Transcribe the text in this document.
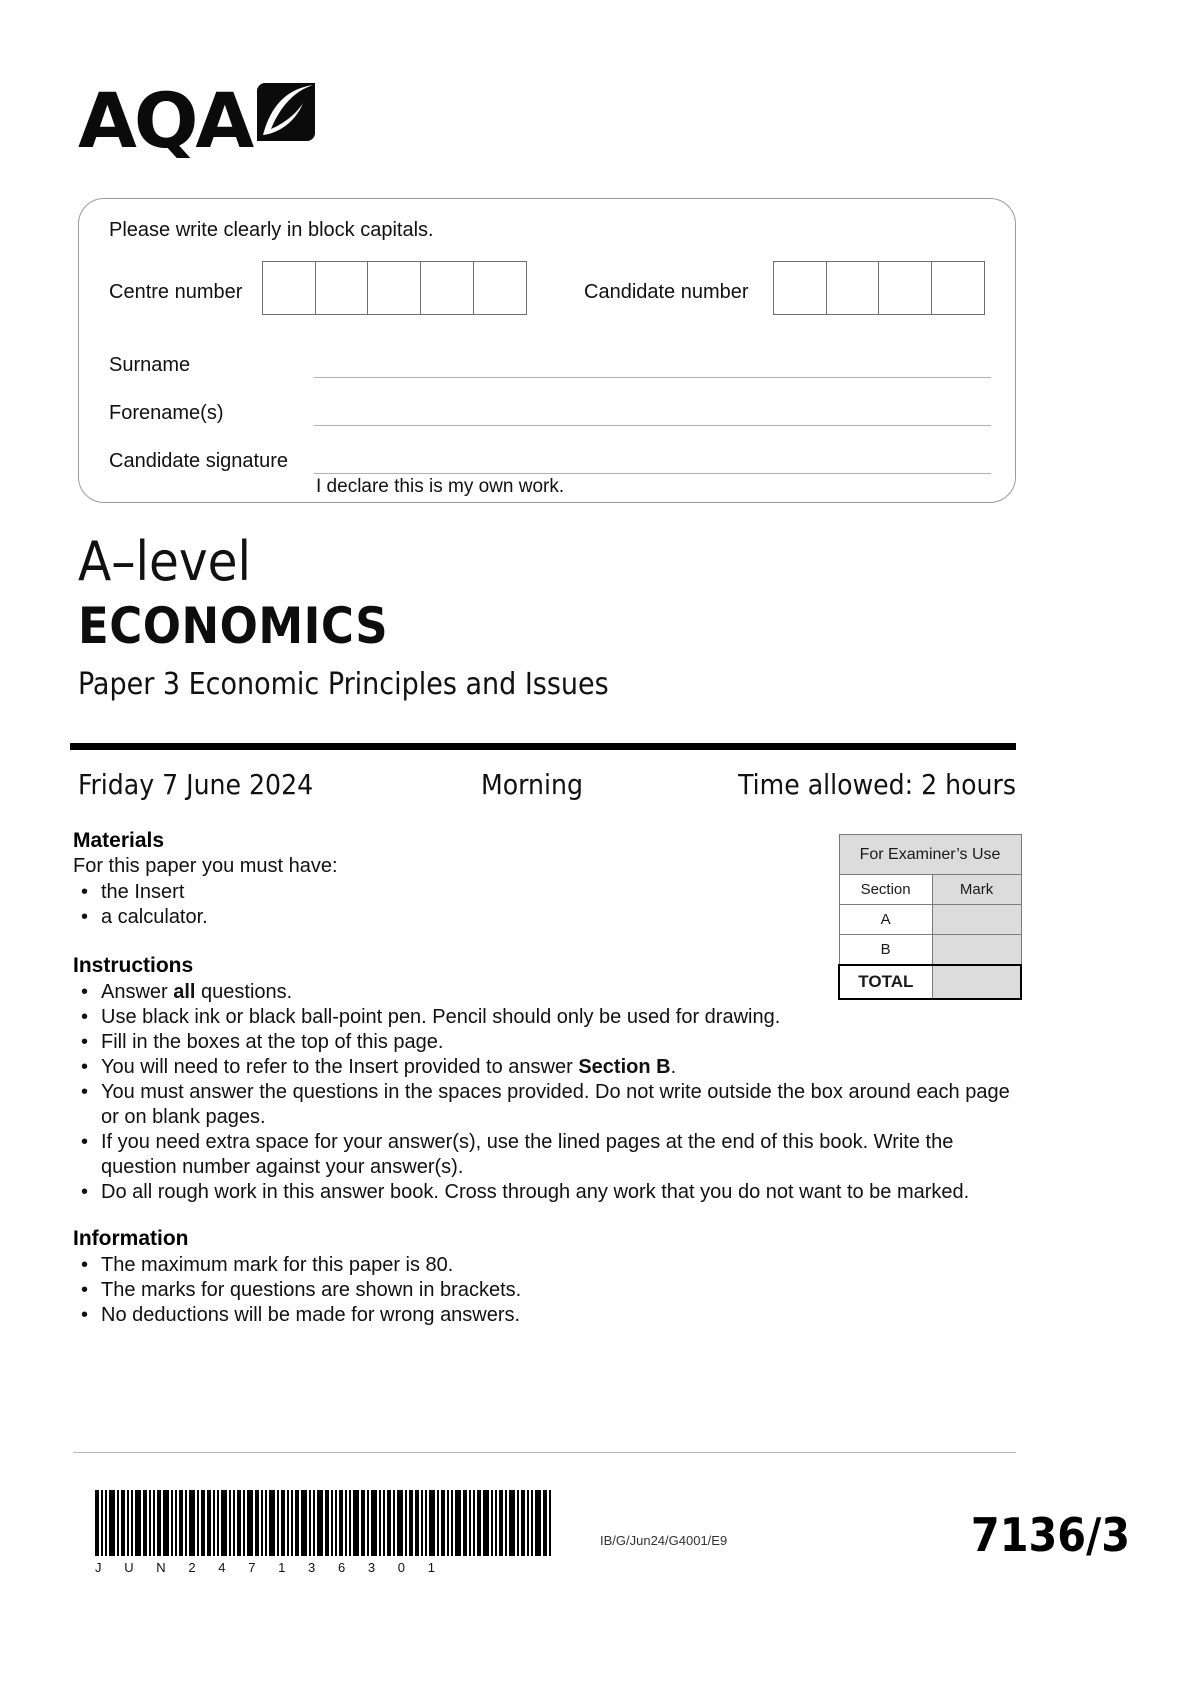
AQA
Please write clearly in block capitals.
Centre number	Candidate number
Surname
Forename(s)
Candidate signature
I declare this is my own work.
A–level
ECONOMICS
Paper 3 Economic Principles and Issues
Friday 7 June 2024	Morning	Time allowed: 2 hours
Materials
For this paper you must have:
• the Insert
• a calculator.
Instructions
• Answer all questions.
• Use black ink or black ball-point pen. Pencil should only be used for drawing.
• Fill in the boxes at the top of this page.
• You will need to refer to the Insert provided to answer Section B.
• You must answer the questions in the spaces provided. Do not write outside the box around each page or on blank pages.
• If you need extra space for your answer(s), use the lined pages at the end of this book. Write the question number against your answer(s).
• Do all rough work in this answer book. Cross through any work that you do not want to be marked.
Information
• The maximum mark for this paper is 80.
• The marks for questions are shown in brackets.
• No deductions will be made for wrong answers.
For Examiner’s Use	
Section	Mark
A	
B	
TOTAL	
J U N 2 4 7 1 3 6 3 0 1
IB/G/Jun24/G4001/E9	7136/3
